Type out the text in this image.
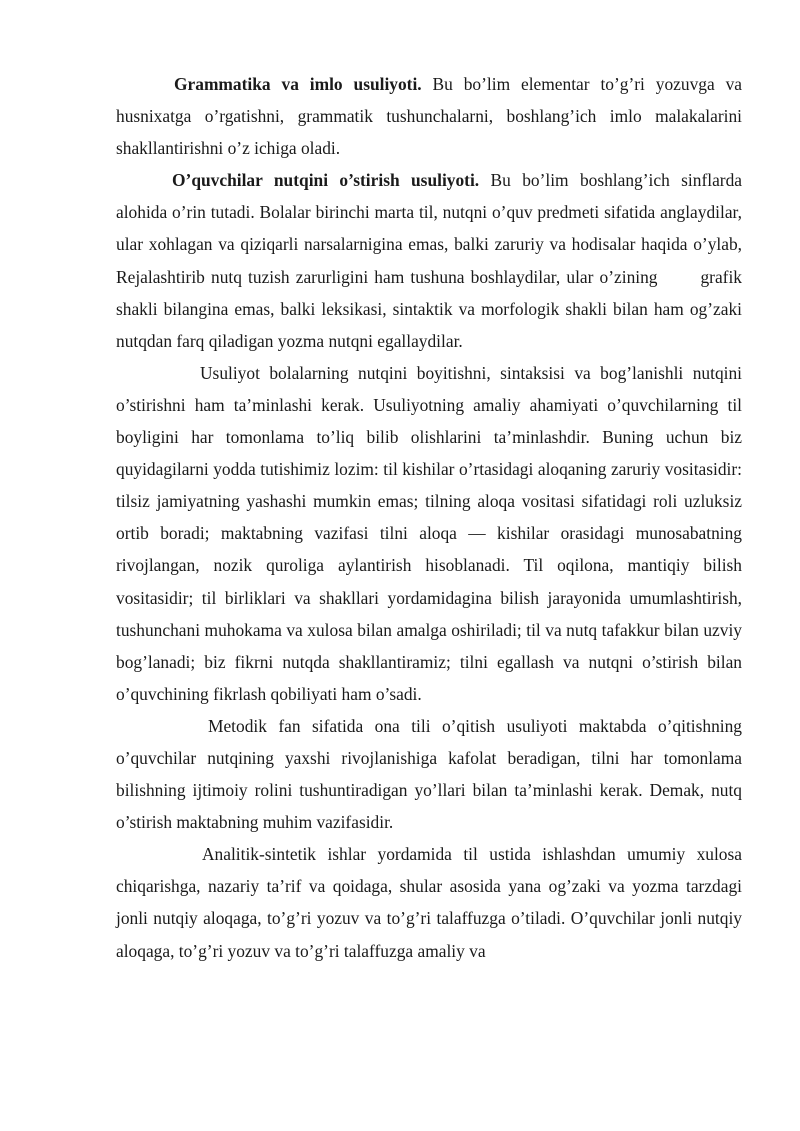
Grammatika va imlo usuliyoti. Bu bo’lim elementar to’g’ri yozuvga va husnixatga o’rgatishni, grammatik tushunchalarni, boshlang’ich imlo malakalarini shakllantirishni o’z ichiga oladi.

O’quvchilar nutqini o’stirish usuliyoti. Bu bo’lim boshlang’ich sinflarda alohida o’rin tutadi. Bolalar birinchi marta til, nutqni o’quv predmeti sifatida anglaydilar, ular xohlagan va qiziqarli narsalarnigina emas, balki zaruriy va hodisalar haqida o’ylab, Rejalashtirib nutq tuzish zarurligini ham tushuna boshlaydilar, ular o’zining       grafik shakli bilangina emas, balki leksikasi, sintaktik va morfologik shakli bilan ham og’zaki nutqdan farq qiladigan yozma nutqni egallaydilar.

Usuliyot bolalarning nutqini boyitishni, sintaksisi va bog’lanishli nutqini o’stirishni ham ta’minlashi kerak. Usuliyotning amaliy ahamiyati o’quvchilarning til boyligini har tomonlama to’liq bilib olishlarini ta’minlashdir. Buning uchun biz quyidagilarni yodda tutishimiz lozim: til kishilar o’rtasidagi aloqaning zaruriy vositasidir: tilsiz jamiyatning yashashi mumkin emas; tilning aloqa vositasi sifatidagi roli uzluksiz ortib boradi; maktabning vazifasi tilni aloqa — kishilar orasidagi munosabatning rivojlangan, nozik quroliga aylantirish hisoblanadi. Til oqilona, mantiqiy bilish vositasidir; til birliklari va shakllari yordamidagina bilish jarayonida umumlashtirish, tushunchani muhokama va xulosa bilan amalga oshiriladi; til va nutq tafakkur bilan uzviy bog’lanadi; biz fikrni nutqda shakllantiramiz; tilni egallash va nutqni o’stirish bilan o’quvchining fikrlash qobiliyati ham o’sadi.

Metodik fan sifatida ona tili o’qitish usuliyoti maktabda o’qitishning o’quvchilar nutqining yaxshi rivojlanishiga kafolat beradigan, tilni har tomonlama bilishning ijtimoiy rolini tushuntiradigan yo’llari bilan ta’minlashi kerak. Demak, nutq o’stirish maktabning muhim vazifasidir.

Analitik-sintetik ishlar yordamida til ustida ishlashdan umumiy xulosa chiqarishga, nazariy ta’rif va qoidaga, shular asosida yana og’zaki va yozma tarzdagi jonli nutqiy aloqaga, to’g’ri yozuv va to’g’ri talaffuzga o’tiladi. O’quvchilar jonli nutqiy aloqaga, to’g’ri yozuv va to’g’ri talaffuzga amaliy va
